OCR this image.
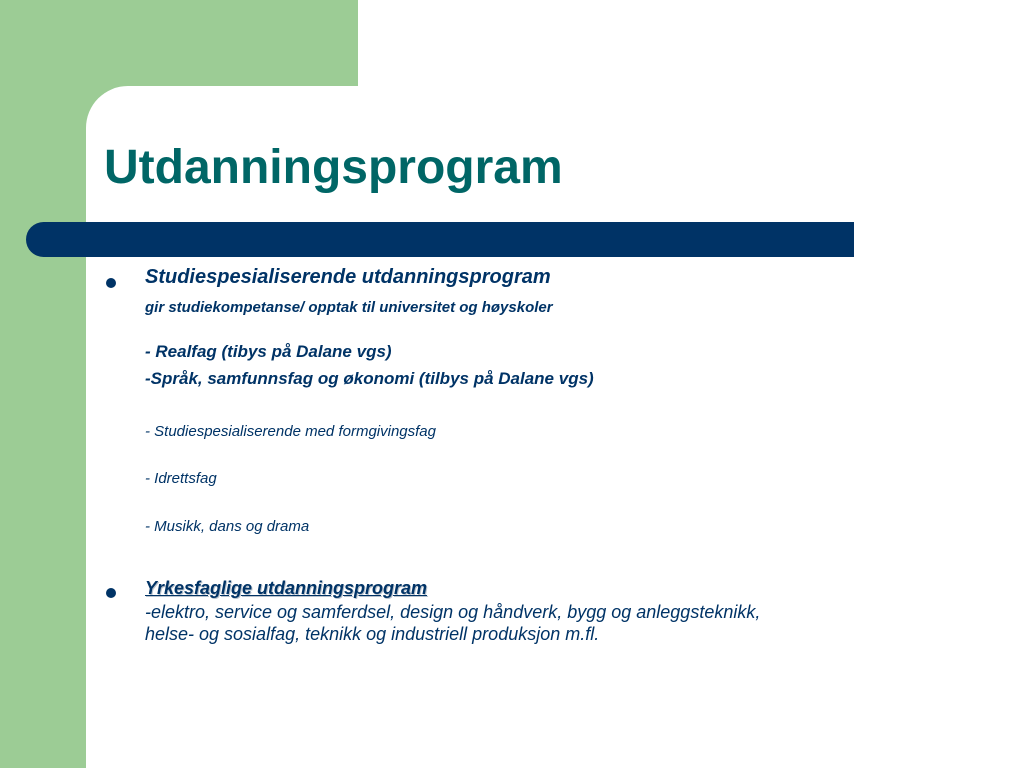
Utdanningsprogram

Studiespesialiserende utdanningsprogram

gir studiekompetanse/ opptak til universitet og høyskoler

- Realfag (tibys på Dalane vgs)

-Språk, samfunnsfag og økonomi (tilbys på Dalane vgs)

- Studiespesialiserende med formgivingsfag

- Idrettsfag

- Musikk, dans og drama

Yrkesfaglige utdanningsprogram

-elektro, service og samferdsel, design og håndverk, bygg og anleggsteknikk,

helse- og sosialfag, teknikk og industriell produksjon m.fl.
